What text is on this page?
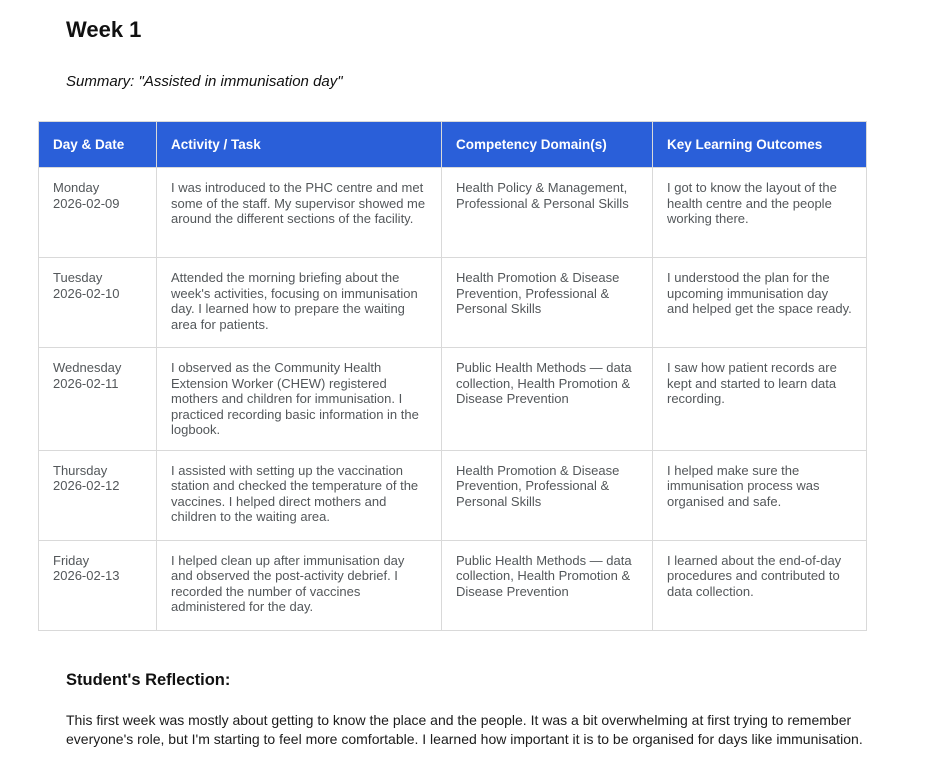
Week 1

Summary: "Assisted in immunisation day"

Day & Date	Activity / Task	Competency Domain(s)	Key Learning Outcomes

Monday
2026-02-09	I was introduced to the PHC centre and met some of the staff. My supervisor showed me around the different sections of the facility.	Health Policy & Management, Professional & Personal Skills	I got to know the layout of the health centre and the people working there.

Tuesday
2026-02-10	Attended the morning briefing about the week's activities, focusing on immunisation day. I learned how to prepare the waiting area for patients.	Health Promotion & Disease Prevention, Professional & Personal Skills	I understood the plan for the upcoming immunisation day and helped get the space ready.

Wednesday
2026-02-11	I observed as the Community Health Extension Worker (CHEW) registered mothers and children for immunisation. I practiced recording basic information in the logbook.	Public Health Methods — data collection, Health Promotion & Disease Prevention	I saw how patient records are kept and started to learn data recording.

Thursday
2026-02-12	I assisted with setting up the vaccination station and checked the temperature of the vaccines. I helped direct mothers and children to the waiting area.	Health Promotion & Disease Prevention, Professional & Personal Skills	I helped make sure the immunisation process was organised and safe.

Friday
2026-02-13	I helped clean up after immunisation day and observed the post-activity debrief. I recorded the number of vaccines administered for the day.	Public Health Methods — data collection, Health Promotion & Disease Prevention	I learned about the end-of-day procedures and contributed to data collection.
Student's Reflection:

This first week was mostly about getting to know the place and the people. It was a bit overwhelming at first trying to remember everyone's role, but I'm starting to feel more comfortable. I learned how important it is to be organised for days like immunisation.
